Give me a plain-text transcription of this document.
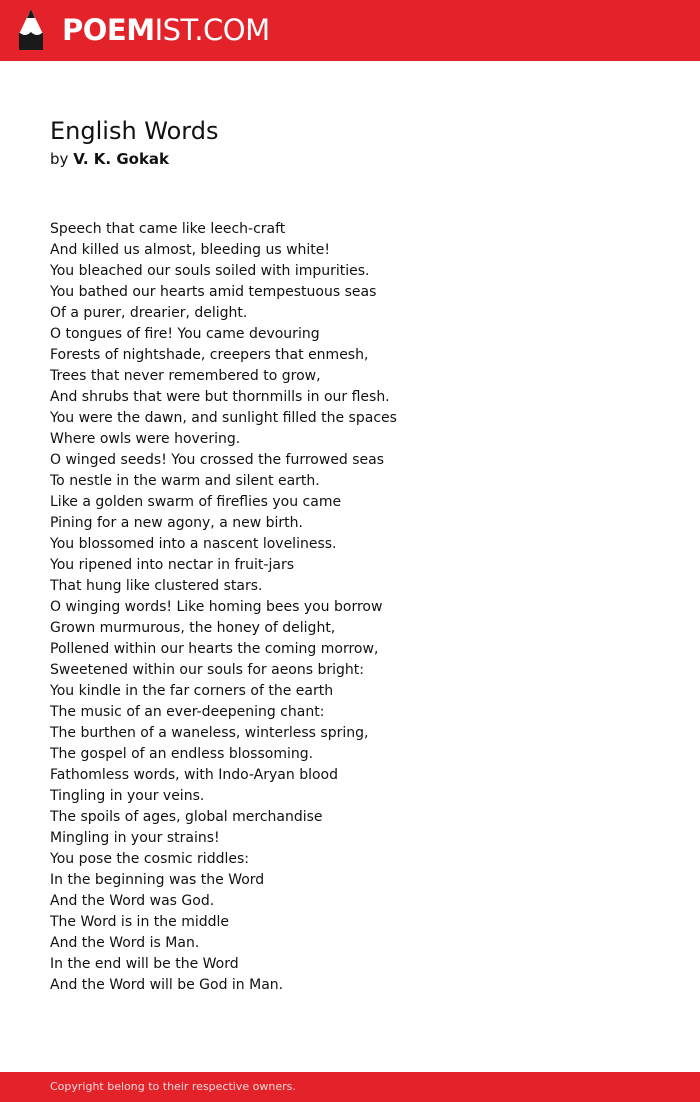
POEMIST.COM
English Words
by V. K. Gokak
Speech that came like leech-craft
And killed us almost, bleeding us white!
You bleached our souls soiled with impurities.
You bathed our hearts amid tempestuous seas
Of a purer, drearier, delight.
O tongues of fire! You came devouring
Forests of nightshade, creepers that enmesh,
Trees that never remembered to grow,
And shrubs that were but thornmills in our flesh.
You were the dawn, and sunlight filled the spaces
Where owls were hovering.
O winged seeds! You crossed the furrowed seas
To nestle in the warm and silent earth.
Like a golden swarm of fireflies you came
Pining for a new agony, a new birth.
You blossomed into a nascent loveliness.
You ripened into nectar in fruit-jars
That hung like clustered stars.
O winging words! Like homing bees you borrow
Grown murmurous, the honey of delight,
Pollened within our hearts the coming morrow,
Sweetened within our souls for aeons bright:
You kindle in the far corners of the earth
The music of an ever-deepening chant:
The burthen of a waneless, winterless spring,
The gospel of an endless blossoming.
Fathomless words, with Indo-Aryan blood
Tingling in your veins.
The spoils of ages, global merchandise
Mingling in your strains!
You pose the cosmic riddles:
In the beginning was the Word
And the Word was God.
The Word is in the middle
And the Word is Man.
In the end will be the Word
And the Word will be God in Man.
Copyright belong to their respective owners.
